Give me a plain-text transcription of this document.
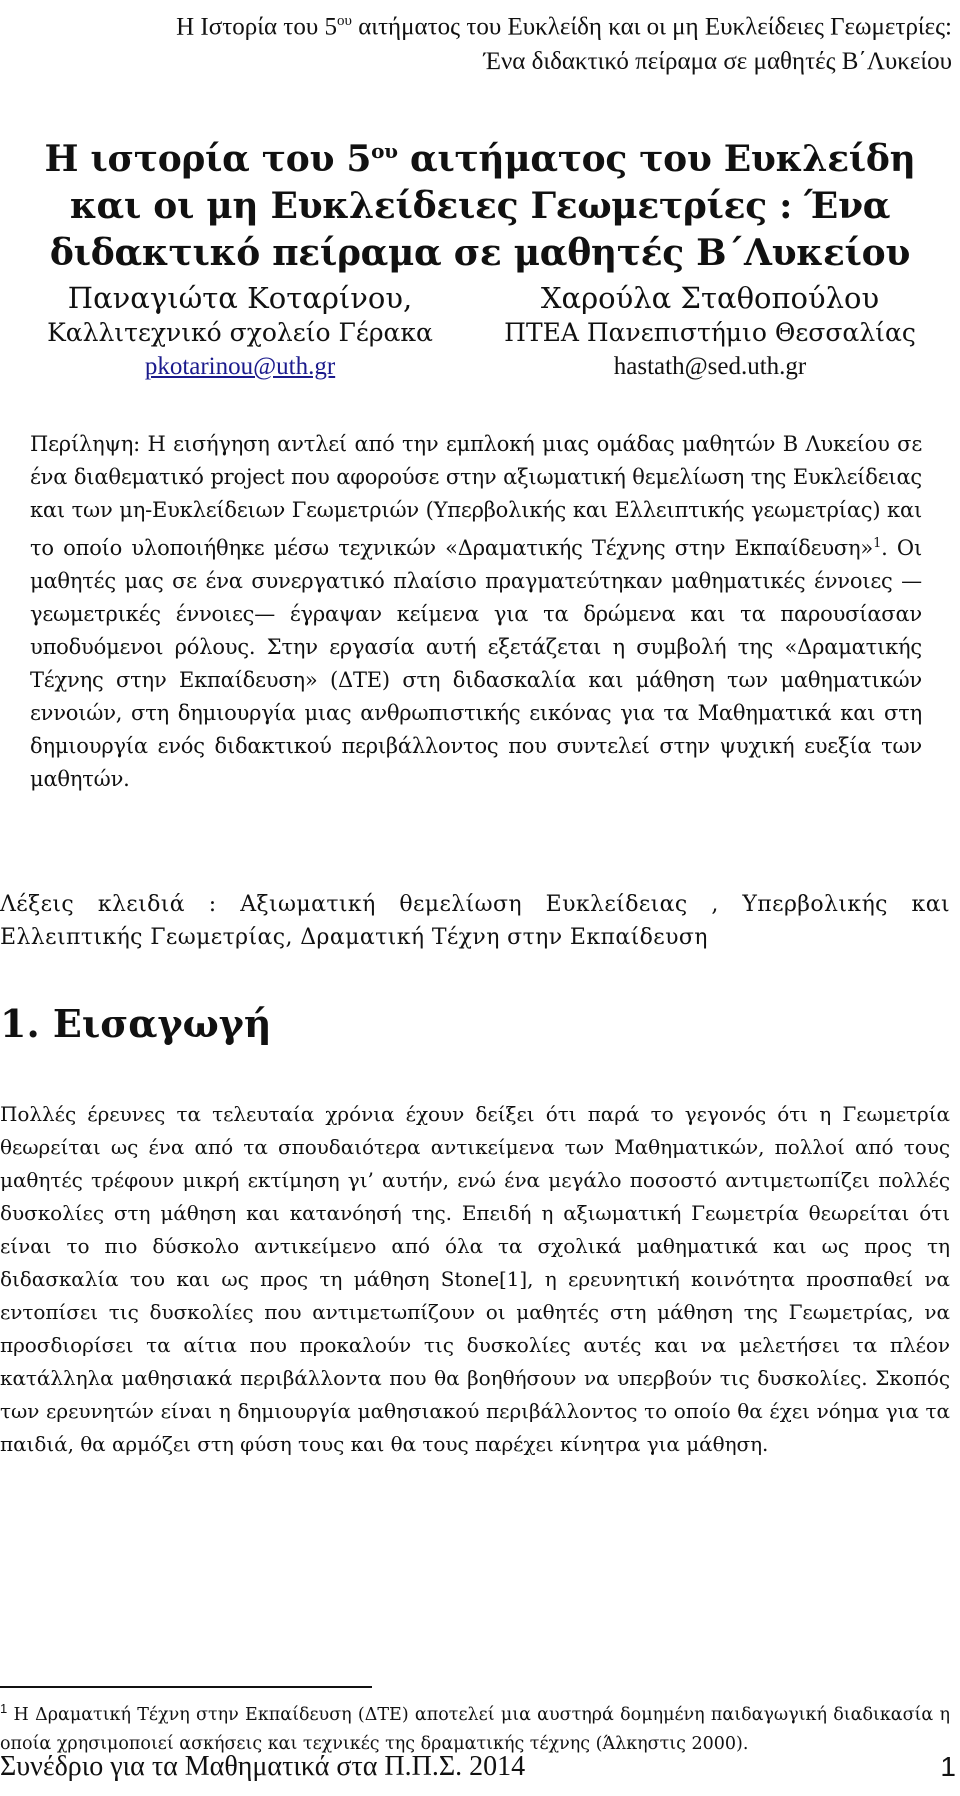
Η Ιστορία του $5^{o\upsilon}$ αιτήματος του Ευκλείδη και οι μη Ευκλείδειες Γεωμετρίες:
Ένα διδακτικό πείραμα σε μαθητές Β΄Λυκείου
Η ιστορία του $5^{o\upsilon}$ αιτήματος του Ευκλείδη και οι μη Ευκλείδειες Γεωμετρίες : Ένα διδακτικό πείραμα σε μαθητές Β΄Λυκείου
Παναγιώτα Κοταρίνου,
Καλλιτεχνικό σχολείο Γέρακα
pkotarinou@uth.gr
Χαρούλα Σταθοπούλου
ΠΤΕΑ Πανεπιστήμιο Θεσσαλίας
hastath@sed.uth.gr
Περίληψη: Η εισήγηση αντλεί από την εμπλοκή μιας ομάδας μαθητών Β Λυκείου σε ένα διαθεματικό project που αφορούσε στην αξιωματική θεμελίωση της Ευκλείδειας και των μη-Ευκλείδειων Γεωμετριών (Υπερβολικής και Ελλειπτικής γεωμετρίας) και το οποίο υλοποιήθηκε μέσω τεχνικών «Δραματικής Τέχνης στην Εκπαίδευση»$^1$. Οι μαθητές μας σε ένα συνεργατικό πλαίσιο πραγματεύτηκαν μαθηματικές έννοιες —γεωμετρικές έννοιες— έγραψαν κείμενα για τα δρώμενα και τα παρουσίασαν υποδυόμενοι ρόλους. Στην εργασία αυτή εξετάζεται η συμβολή της «Δραματικής Τέχνης στην Εκπαίδευση» (ΔΤΕ) στη διδασκαλία και μάθηση των μαθηματικών εννοιών, στη δημιουργία μιας ανθρωπιστικής εικόνας για τα Μαθηματικά και στη δημιουργία ενός διδακτικού περιβάλλοντος που συντελεί στην ψυχική ευεξία των μαθητών.
Λέξεις κλειδιά : Αξιωματική θεμελίωση Ευκλείδειας , Υπερβολικής και Ελλειπτικής Γεωμετρίας, Δραματική Τέχνη στην Εκπαίδευση
1. Εισαγωγή
Πολλές έρευνες τα τελευταία χρόνια έχουν δείξει ότι παρά το γεγονός ότι η Γεωμετρία θεωρείται ως ένα από τα σπουδαιότερα αντικείμενα των Μαθηματικών, πολλοί από τους μαθητές τρέφουν μικρή εκτίμηση γι’ αυτήν, ενώ ένα μεγάλο ποσοστό αντιμετωπίζει πολλές δυσκολίες στη μάθηση και κατανόησή της. Επειδή η αξιωματική Γεωμετρία θεωρείται ότι είναι το πιο δύσκολο αντικείμενο από όλα τα σχολικά μαθηματικά και ως προς τη διδασκαλία του και ως προς τη μάθηση Stone[1], η ερευνητική κοινότητα προσπαθεί να εντοπίσει τις δυσκολίες που αντιμετωπίζουν οι μαθητές στη μάθηση της Γεωμετρίας, να προσδιορίσει τα αίτια που προκαλούν τις δυσκολίες αυτές και να μελετήσει τα πλέον κατάλληλα μαθησιακά περιβάλλοντα που θα βοηθήσουν να υπερβούν τις δυσκολίες. Σκοπός των ερευνητών είναι η δημιουργία μαθησιακού περιβάλλοντος το οποίο θα έχει νόημα για τα παιδιά, θα αρμόζει στη φύση τους και θα τους παρέχει κίνητρα για μάθηση.
$^1$ Η Δραματική Τέχνη στην Εκπαίδευση (ΔΤΕ) αποτελεί μια αυστηρά δομημένη παιδαγωγική διαδικασία η οποία χρησιμοποιεί ασκήσεις και τεχνικές της δραματικής τέχνης (Άλκηστις 2000).
Συνέδριο για τα Μαθηματικά στα Π.Π.Σ. 2014	1
